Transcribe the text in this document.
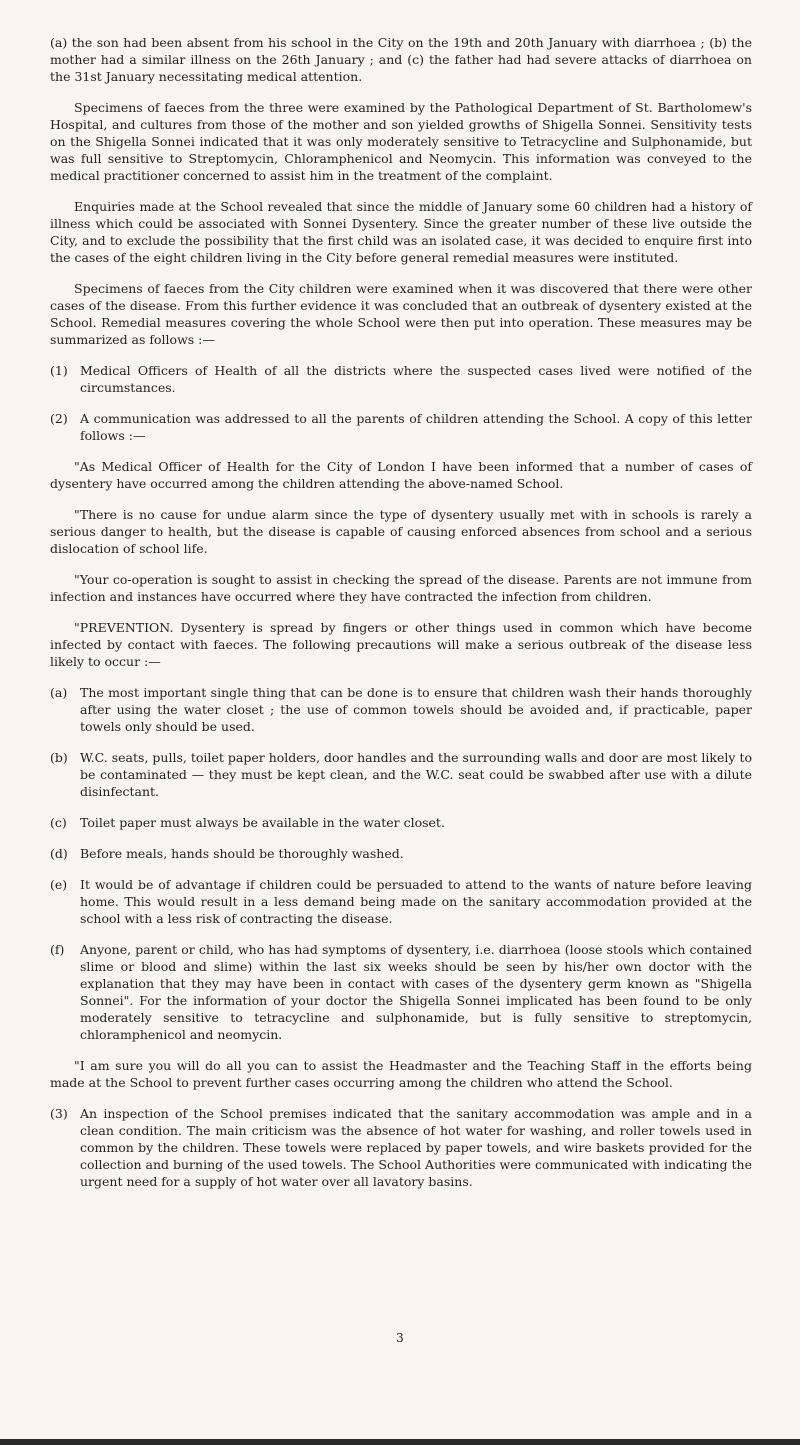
(a) the son had been absent from his school in the City on the 19th and 20th January with diarrhoea ; (b) the mother had a similar illness on the 26th January ; and (c) the father had had severe attacks of diarrhoea on the 31st January necessitating medical attention.

Specimens of faeces from the three were examined by the Pathological Department of St. Bartholomew's Hospital, and cultures from those of the mother and son yielded growths of Shigella Sonnei. Sensitivity tests on the Shigella Sonnei indicated that it was only moderately sensitive to Tetracycline and Sulphonamide, but was full sensitive to Streptomycin, Chloramphenicol and Neomycin. This information was conveyed to the medical practitioner concerned to assist him in the treatment of the complaint.

Enquiries made at the School revealed that since the middle of January some 60 children had a history of illness which could be associated with Sonnei Dysentery. Since the greater number of these live outside the City, and to exclude the possibility that the first child was an isolated case, it was decided to enquire first into the cases of the eight children living in the City before general remedial measures were instituted.

Specimens of faeces from the City children were examined when it was discovered that there were other cases of the disease. From this further evidence it was concluded that an outbreak of dysentery existed at the School. Remedial measures covering the whole School were then put into operation. These measures may be summarized as follows :—

(1) Medical Officers of Health of all the districts where the suspected cases lived were notified of the circumstances.
(2) A communication was addressed to all the parents of children attending the School. A copy of this letter follows :—

"As Medical Officer of Health for the City of London I have been informed that a number of cases of dysentery have occurred among the children attending the above-named School.

"There is no cause for undue alarm since the type of dysentery usually met with in schools is rarely a serious danger to health, but the disease is capable of causing enforced absences from school and a serious dislocation of school life.

"Your co-operation is sought to assist in checking the spread of the disease. Parents are not immune from infection and instances have occurred where they have contracted the infection from children.

"PREVENTION. Dysentery is spread by fingers or other things used in common which have become infected by contact with faeces. The following precautions will make a serious outbreak of the disease less likely to occur :—

(a)	The most important single thing that can be done is to ensure that children wash their hands thoroughly after using the water closet ; the use of common towels should be avoided and, if practicable, paper towels only should be used.
(b) W.C. seats, pulls, toilet paper holders, door handles and the surrounding walls and door are most likely to be contaminated — they must be kept clean, and the W.C. seat could be swabbed after use with a dilute disinfectant.
(c)	Toilet paper must always be available in the water closet.
(d) Before meals, hands should be thoroughly washed.
(e)	It would be of advantage if children could be persuaded to attend to the wants of nature before leaving home. This would result in a less demand being made on the sanitary accommodation provided at the school with a less risk of contracting the disease.
(f)	Anyone, parent or child, who has had symptoms of dysentery, i.e. diarrhoea (loose stools which contained slime or blood and slime) within the last six weeks should be seen by his/her own doctor with the explanation that they may have been in contact with cases of the dysentery germ known as "Shigella Sonnei". For the information of your doctor the Shigella Sonnei implicated has been found to be only moderately sensitive to tetracycline and sulphonamide, but is fully sensitive to streptomycin, chloramphenicol and neomycin.

"I am sure you will do all you can to assist the Headmaster and the Teaching Staff in the efforts being made at the School to prevent further cases occurring among the children who attend the School.

(3) An inspection of the School premises indicated that the sanitary accommodation was ample and in a clean condition. The main criticism was the absence of hot water for washing, and roller towels used in common by the children. These towels were replaced by paper towels, and wire baskets provided for the collection and burning of the used towels. The School Authorities were communicated with indicating the urgent need for a supply of hot water over all lavatory basins.
3
